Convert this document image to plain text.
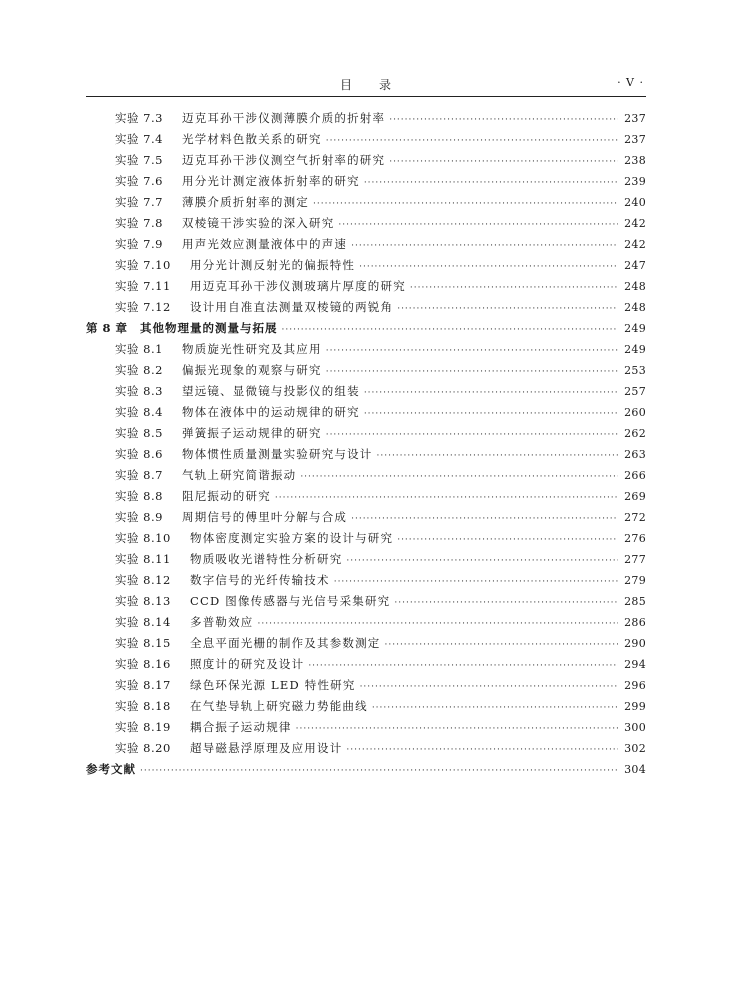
目　　录	· V ·
实验 7.3	迈克耳孙干涉仪测薄膜介质的折射率 ·····	237
实验 7.4	光学材料色散关系的研究 ·····	237
实验 7.5	迈克耳孙干涉仪测空气折射率的研究 ·····	238
实验 7.6	用分光计测定液体折射率的研究 ·····	239
实验 7.7	薄膜介质折射率的测定 ·····	240
实验 7.8	双棱镜干涉实验的深入研究 ·····	242
实验 7.9	用声光效应测量液体中的声速 ·····	242
实验 7.10	用分光计测反射光的偏振特性 ·····	247
实验 7.11	用迈克耳孙干涉仪测玻璃片厚度的研究 ·····	248
实验 7.12	设计用自准直法测量双棱镜的两锐角 ·····	248
第 8 章	其他物理量的测量与拓展 ·····	249
实验 8.1	物质旋光性研究及其应用 ·····	249
实验 8.2	偏振光现象的观察与研究 ·····	253
实验 8.3	望远镜、显微镜与投影仪的组装 ·····	257
实验 8.4	物体在液体中的运动规律的研究 ·····	260
实验 8.5	弹簧振子运动规律的研究 ·····	262
实验 8.6	物体惯性质量测量实验研究与设计 ·····	263
实验 8.7	气轨上研究简谐振动 ·····	266
实验 8.8	阻尼振动的研究 ·····	269
实验 8.9	周期信号的傅里叶分解与合成 ·····	272
实验 8.10	物体密度测定实验方案的设计与研究 ·····	276
实验 8.11	物质吸收光谱特性分析研究 ·····	277
实验 8.12	数字信号的光纤传输技术 ·····	279
实验 8.13	CCD 图像传感器与光信号采集研究 ·····	285
实验 8.14	多普勒效应 ·····	286
实验 8.15	全息平面光栅的制作及其参数测定 ·····	290
实验 8.16	照度计的研究及设计 ·····	294
实验 8.17	绿色环保光源 LED 特性研究 ·····	296
实验 8.18	在气垫导轨上研究磁力势能曲线 ·····	299
实验 8.19	耦合振子运动规律 ·····	300
实验 8.20	超导磁悬浮原理及应用设计 ·····	302
参考文献 ·····	304
